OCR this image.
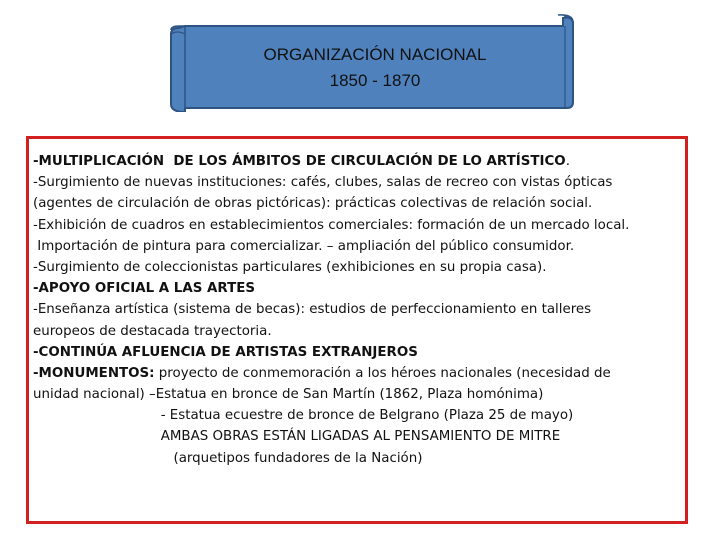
ORGANIZACIÓN NACIONAL
1850 - 1870
-MULTIPLICACIÓN  DE LOS ÁMBITOS DE CIRCULACIÓN DE LO ARTÍSTICO.
-Surgimiento de nuevas instituciones: cafés, clubes, salas de recreo con vistas ópticas
(agentes de circulación de obras pictóricas): prácticas colectivas de relación social.
-Exhibición de cuadros en establecimientos comerciales: formación de un mercado local.
Importación de pintura para comercializar. – ampliación del público consumidor.
-Surgimiento de coleccionistas particulares (exhibiciones en su propia casa).
-APOYO OFICIAL A LAS ARTES
-Enseñanza artística (sistema de becas): estudios de perfeccionamiento en talleres
europeos de destacada trayectoria.
-CONTINÚA AFLUENCIA DE ARTISTAS EXTRANJEROS
-MONUMENTOS: proyecto de conmemoración a los héroes nacionales (necesidad de
unidad nacional) –Estatua en bronce de San Martín (1862, Plaza homónima)
- Estatua ecuestre de bronce de Belgrano (Plaza 25 de mayo)
AMBAS OBRAS ESTÁN LIGADAS AL PENSAMIENTO DE MITRE
(arquetipos fundadores de la Nación)
